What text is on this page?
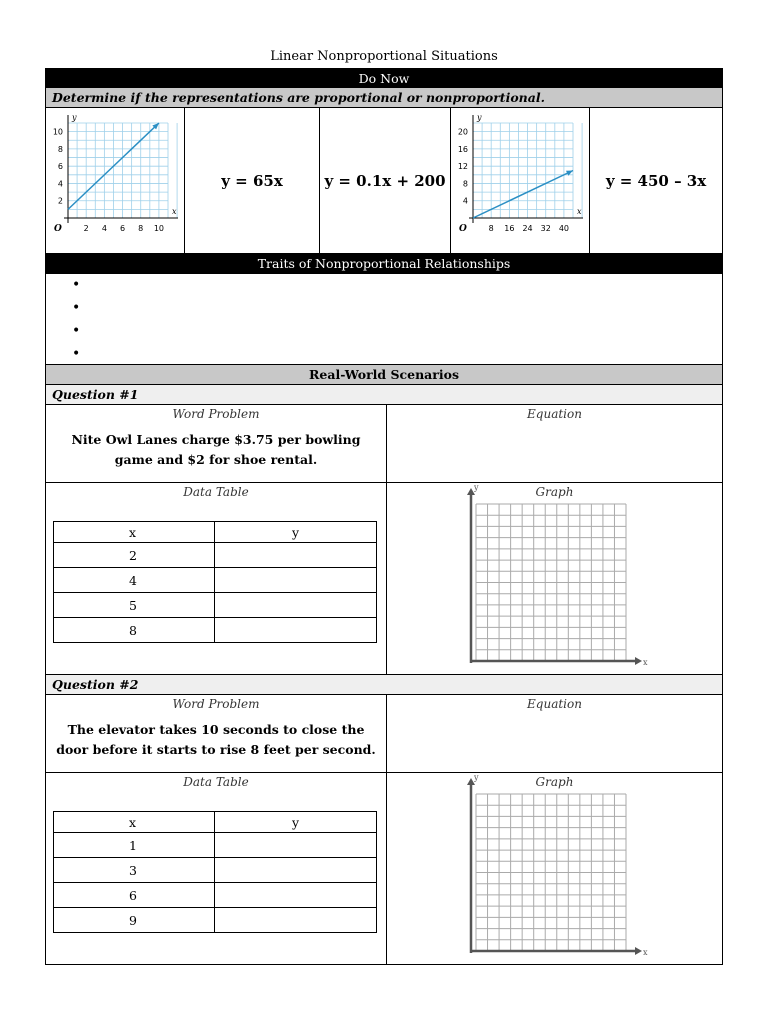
Linear Nonproportional Situations
Do Now
Determine if the representations are proportional or nonproportional.
2 4 6 8 10
2
4
6
8
10
O
x
y
y = 65x	y = 0.1x + 200
8 16 24 32 40
4
8
12
16
20
O
x
y
y = 450 – 3x
Traits of Nonproportional Relationships
•
•
•
•
Real-World Scenarios
Question #1
Word Problem
Nite Owl Lanes charge $3.75 per bowling game and $2 for shoe rental.
Equation
Data Table
x	y
2	
4	
5	
8	
Graph
x
y
Question #2
Word Problem
The elevator takes 10 seconds to close the door before it starts to rise 8 feet per second.
Equation
Data Table
x	y
1	
3	
6	
9	
Graph
x
y
